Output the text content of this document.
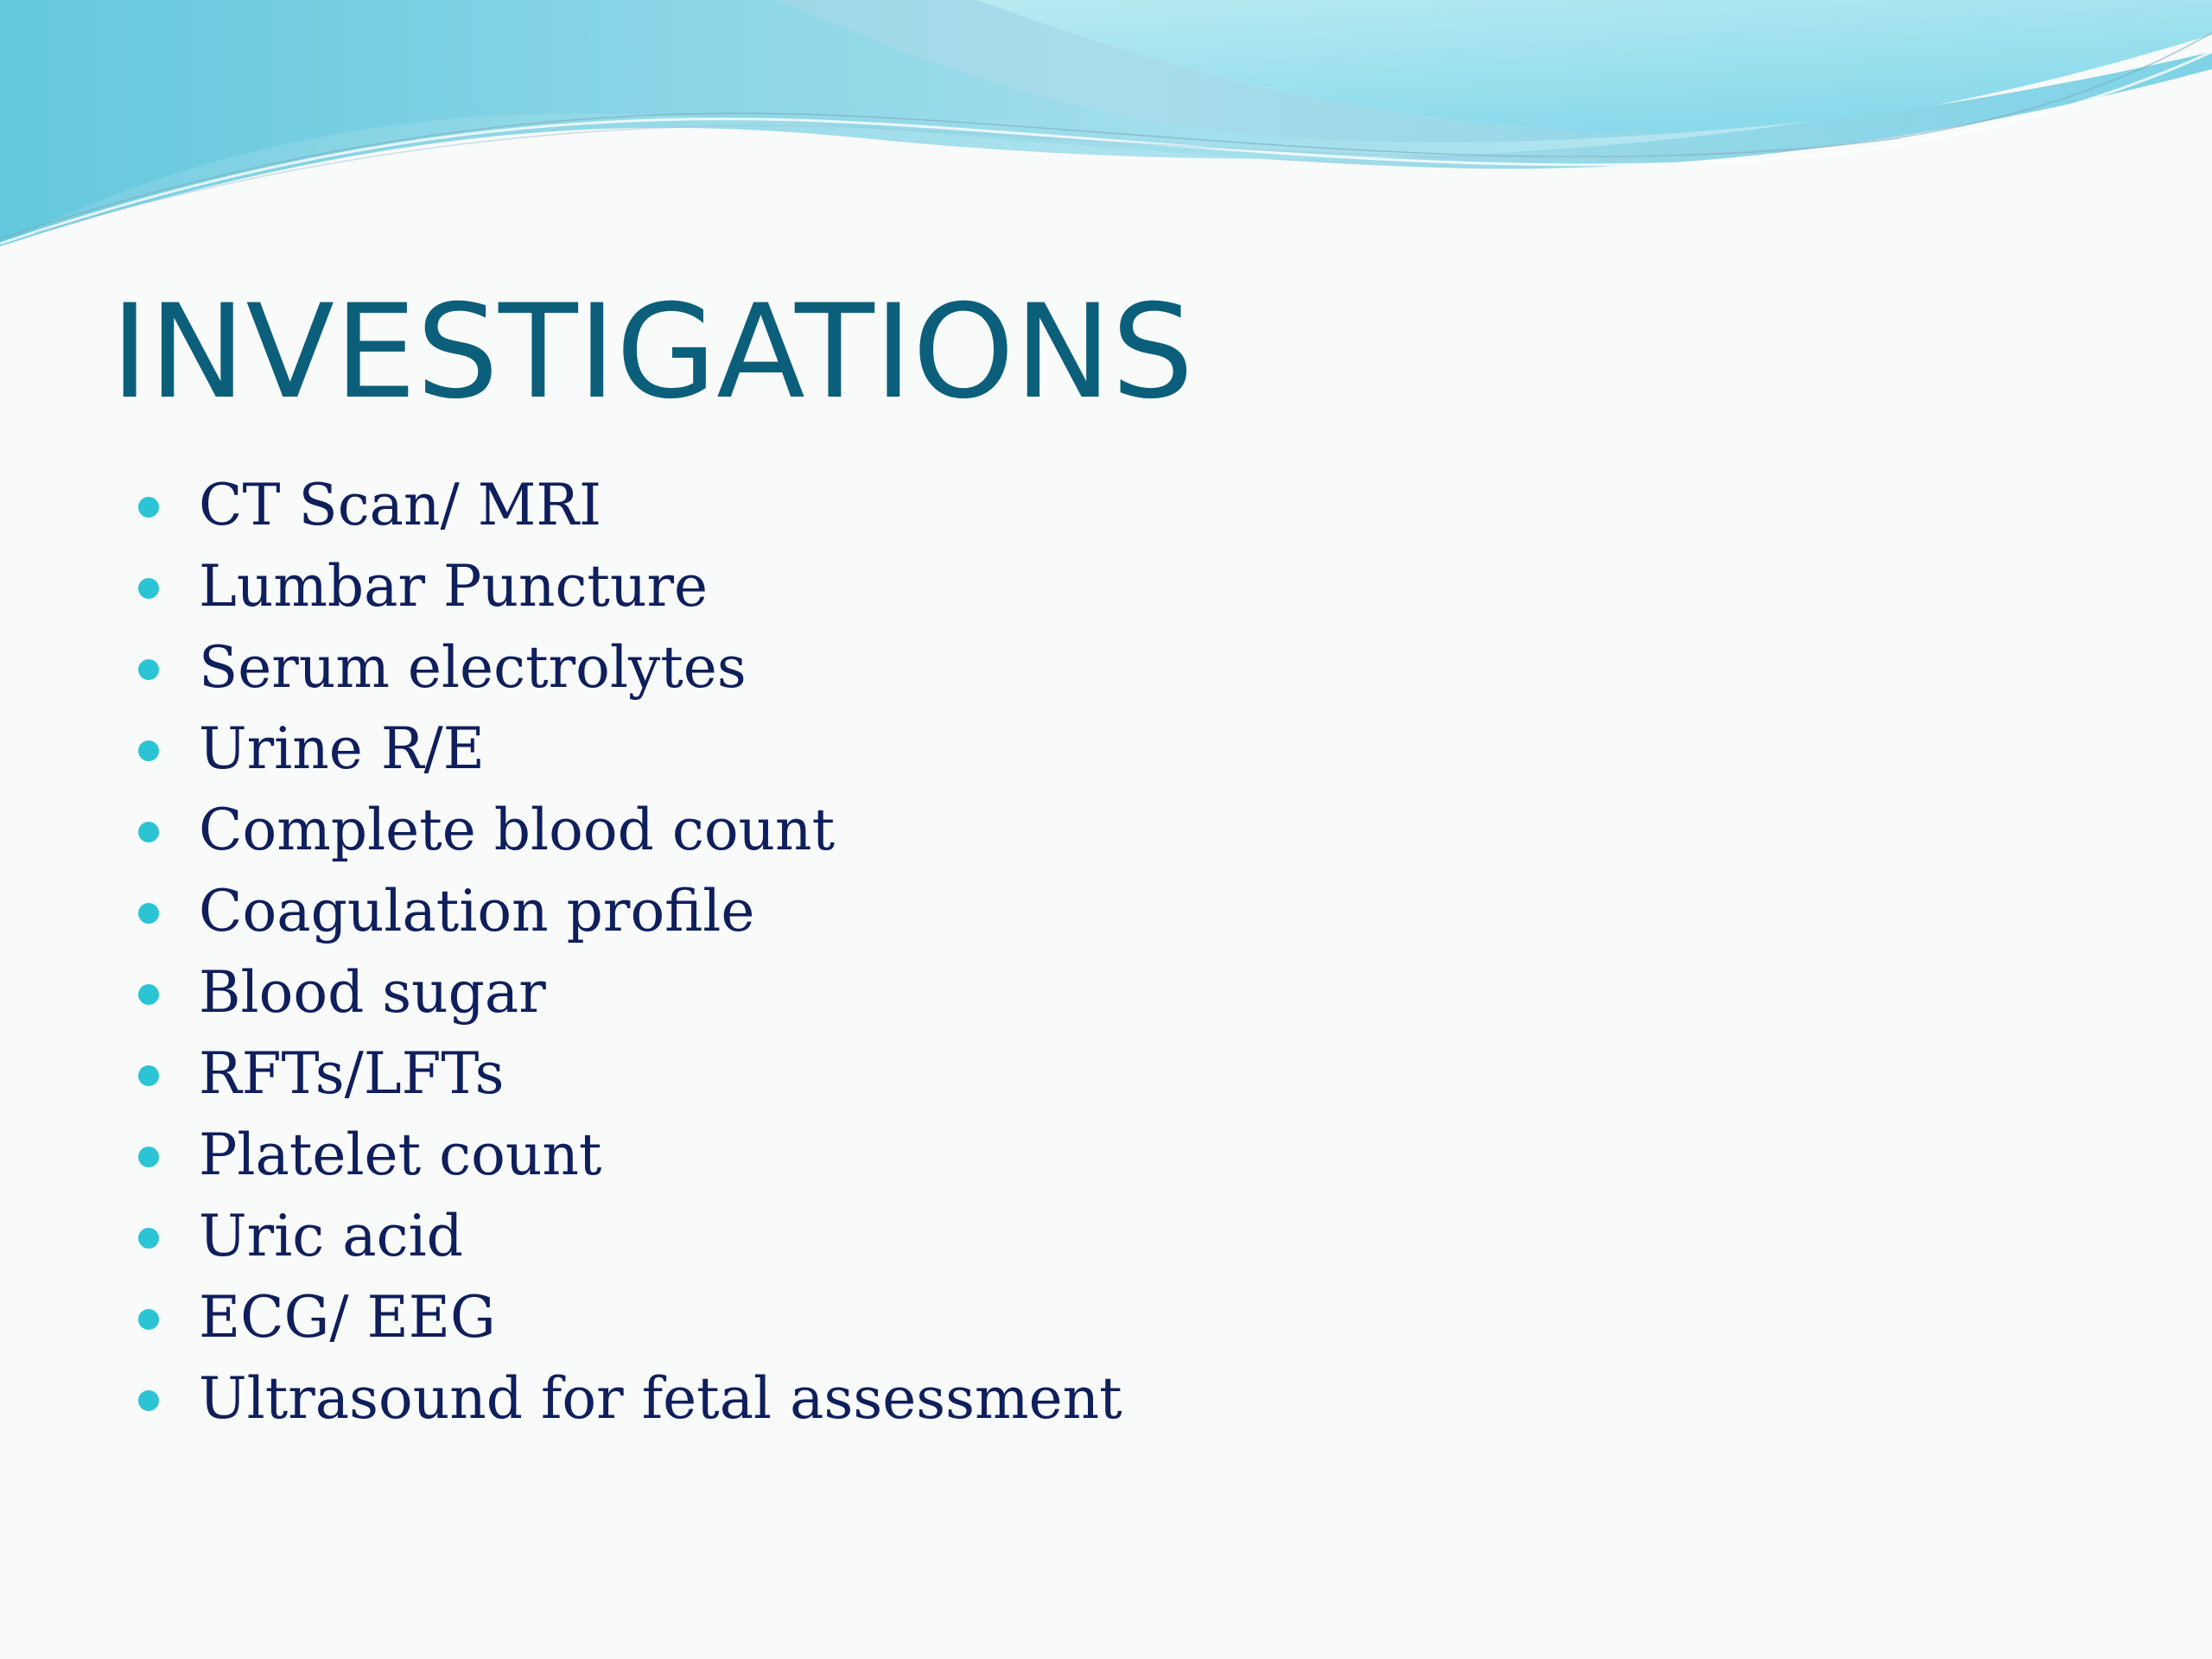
INVESTIGATIONS
CT Scan/ MRI
Lumbar Puncture
Serum electrolytes
Urine R/E
Complete blood count
Coagulation profile
Blood sugar
RFTs/LFTs
Platelet count
Uric acid
ECG/ EEG
Ultrasound for fetal assessment
